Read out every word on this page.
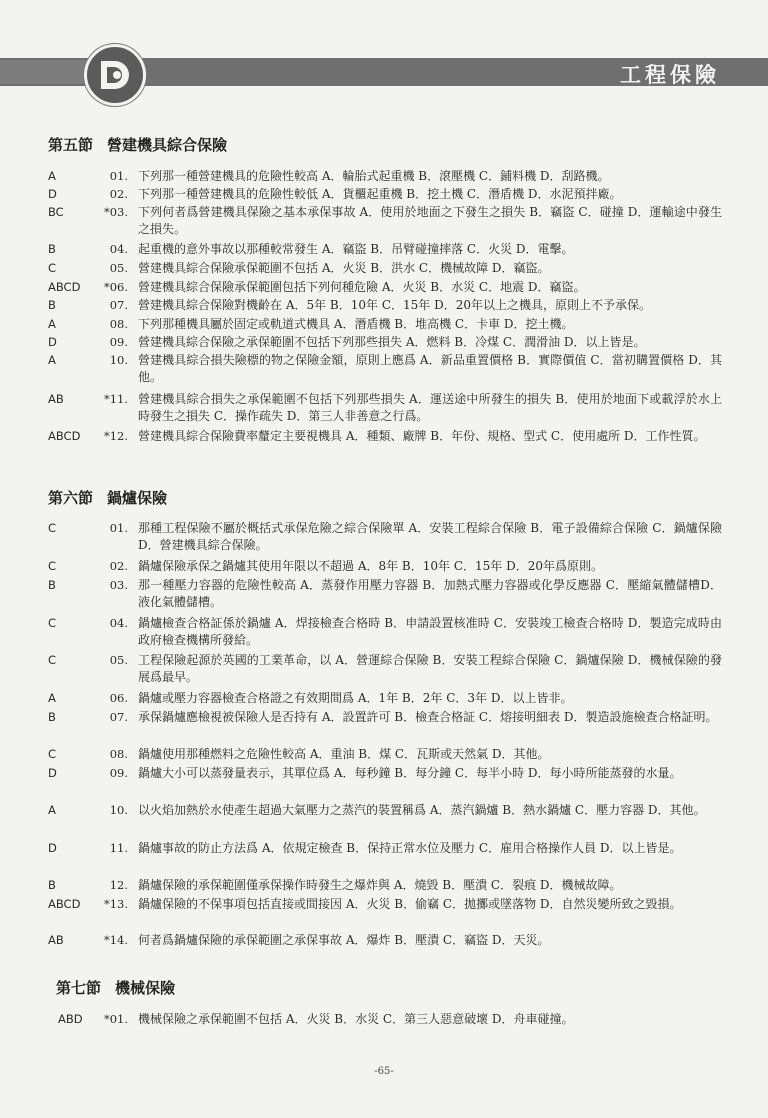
工程保險
第五節 營建機具綜合保險
A	01. 下列那一種營建機具的危險性較高 A．輪胎式起重機 B．滾壓機 C．鋪料機 D．刮路機。
D	02. 下列那一種營建機具的危險性較低 A．貨櫃起重機 B．挖土機 C．潛盾機 D．水泥預拌廠。
BC	*03. 下列何者爲營建機具保險之基本承保事故 A．使用於地面之下發生之損失 B．竊盜 C．碰撞 D．運輸途中發生之損失。
B	04. 起重機的意外事故以那種較常發生 A．竊盜 B．吊臂碰撞摔落 C．火災 D．電擊。
C	05. 營建機具綜合保險承保範圍不包括 A．火災 B．洪水 C．機械故障 D．竊盜。
ABCD *06. 營建機具綜合保險承保範圍包括下列何種危險 A．火災 B．水災 C．地震 D．竊盜。
B	07. 營建機具綜合保險對機齡在 A．5年 B．10年 C．15年 D．20年以上之機具，原則上不予承保。
A	08. 下列那種機具屬於固定或軌道式機具 A．潛盾機 B．堆高機 C．卡車 D．挖土機。
D	09. 營建機具綜合保險之承保範圍不包括下列那些損失 A．燃料 B．冷煤 C．潤滑油 D．以上皆是。
A	10. 營建機具綜合損失險標的物之保險金額，原則上應爲 A．新品重置價格 B．實際價值 C．當初購置價格 D．其他。
AB	*11. 營建機具綜合損失之承保範圍不包括下列那些損失 A．運送途中所發生的損失 B．使用於地面下或載浮於水上時發生之損失 C．操作疏失 D．第三人非善意之行爲。
ABCD *12. 營建機具綜合保險費率釐定主要視機具 A．種類、廠牌 B．年份、規格、型式 C．使用處所 D．工作性質。
第六節 鍋爐保險
C	01. 那種工程保險不屬於概括式承保危險之綜合保險單 A．安裝工程綜合保險 B．電子設備綜合保險 C．鍋爐保險 D．營建機具綜合保險。
C	02. 鍋爐保險承保之鍋爐其使用年限以不超過 A．8年 B．10年 C．15年 D．20年爲原則。
B	03. 那一種壓力容器的危險性較高 A．蒸發作用壓力容器 B．加熱式壓力容器或化學反應器 C．壓縮氣體儲槽D．液化氣體儲槽。
C	04. 鍋爐檢查合格証係於鍋爐 A．焊接檢查合格時 B．申請設置核准時 C．安裝竣工檢查合格時 D．製造完成時由政府檢查機構所發給。
C	05. 工程保險起源於英國的工業革命，以 A．營運綜合保險 B．安裝工程綜合保險 C．鍋爐保險 D．機械保險的發展爲最早。
A	06. 鍋爐或壓力容器檢查合格證之有效期間爲 A．1年 B．2年 C．3年 D．以上皆非。
B	07. 承保鍋爐應檢視被保險人是否持有 A．設置許可 B．檢查合格証 C．熔接明細表 D．製造設施檢查合格証明。
C	08. 鍋爐使用那種燃料之危險性較高 A．重油 B．煤 C．瓦斯或天然氣 D．其他。
D	09. 鍋爐大小可以蒸發量表示，其單位爲 A．每秒鐘 B．每分鐘 C．每半小時 D．每小時所能蒸發的水量。
A	10. 以火焰加熱於水使產生超過大氣壓力之蒸汽的裝置稱爲 A．蒸汽鍋爐 B．熱水鍋爐 C．壓力容器 D．其他。
D	11. 鍋爐事故的防止方法爲 A．依規定檢查 B．保持正常水位及壓力 C．雇用合格操作人員 D．以上皆是。
B	12. 鍋爐保險的承保範圍僅承保操作時發生之爆炸與 A．燒毀 B．壓潰 C．裂痕 D．機械故障。
ABCD *13. 鍋爐保險的不保事項包括直接或間接因 A．火災 B．偷竊 C．拋擲或墜落物 D．自然災變所致之毀損。
AB	*14. 何者爲鍋爐保險的承保範圍之承保事故 A．爆炸 B．壓潰 C．竊盜 D．天災。
第七節 機械保險
ABD *01. 機械保險之承保範圍不包括 A．火災 B．水災 C．第三人惡意破壞 D．舟車碰撞。
-65-
